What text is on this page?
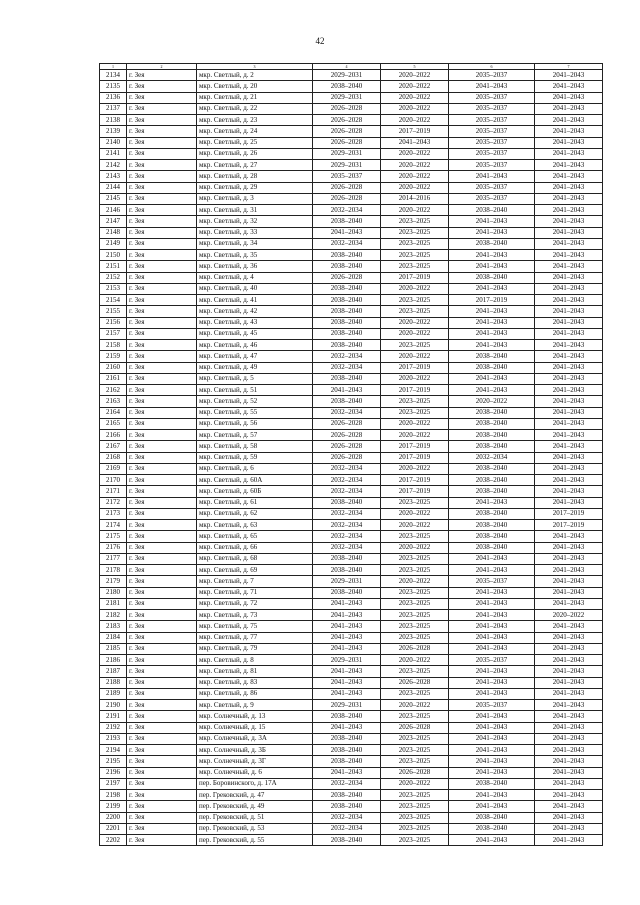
42
1	2	3	4	5	6	7
2134	г. Зея	мкр. Светлый, д. 2	2029–2031	2020–2022	2035–2037	2041–2043
2135	г. Зея	мкр. Светлый, д. 20	2038–2040	2020–2022	2041–2043	2041–2043
2136	г. Зея	мкр. Светлый, д. 21	2029–2031	2020–2022	2035–2037	2041–2043
2137	г. Зея	мкр. Светлый, д. 22	2026–2028	2020–2022	2035–2037	2041–2043
2138	г. Зея	мкр. Светлый, д. 23	2026–2028	2020–2022	2035–2037	2041–2043
2139	г. Зея	мкр. Светлый, д. 24	2026–2028	2017–2019	2035–2037	2041–2043
2140	г. Зея	мкр. Светлый, д. 25	2026–2028	2041–2043	2035–2037	2041–2043
2141	г. Зея	мкр. Светлый, д. 26	2029–2031	2020–2022	2035–2037	2041–2043
2142	г. Зея	мкр. Светлый, д. 27	2029–2031	2020–2022	2035–2037	2041–2043
2143	г. Зея	мкр. Светлый, д. 28	2035–2037	2020–2022	2041–2043	2041–2043
2144	г. Зея	мкр. Светлый, д. 29	2026–2028	2020–2022	2035–2037	2041–2043
2145	г. Зея	мкр. Светлый, д. 3	2026–2028	2014–2016	2035–2037	2041–2043
2146	г. Зея	мкр. Светлый, д. 31	2032–2034	2020–2022	2038–2040	2041–2043
2147	г. Зея	мкр. Светлый, д. 32	2038–2040	2023–2025	2041–2043	2041–2043
2148	г. Зея	мкр. Светлый, д. 33	2041–2043	2023–2025	2041–2043	2041–2043
2149	г. Зея	мкр. Светлый, д. 34	2032–2034	2023–2025	2038–2040	2041–2043
2150	г. Зея	мкр. Светлый, д. 35	2038–2040	2023–2025	2041–2043	2041–2043
2151	г. Зея	мкр. Светлый, д. 36	2038–2040	2023–2025	2041–2043	2041–2043
2152	г. Зея	мкр. Светлый, д. 4	2026–2028	2017–2019	2038–2040	2041–2043
2153	г. Зея	мкр. Светлый, д. 40	2038–2040	2020–2022	2041–2043	2041–2043
2154	г. Зея	мкр. Светлый, д. 41	2038–2040	2023–2025	2017–2019	2041–2043
2155	г. Зея	мкр. Светлый, д. 42	2038–2040	2023–2025	2041–2043	2041–2043
2156	г. Зея	мкр. Светлый, д. 43	2038–2040	2020–2022	2041–2043	2041–2043
2157	г. Зея	мкр. Светлый, д. 45	2038–2040	2020–2022	2041–2043	2041–2043
2158	г. Зея	мкр. Светлый, д. 46	2038–2040	2023–2025	2041–2043	2041–2043
2159	г. Зея	мкр. Светлый, д. 47	2032–2034	2020–2022	2038–2040	2041–2043
2160	г. Зея	мкр. Светлый, д. 49	2032–2034	2017–2019	2038–2040	2041–2043
2161	г. Зея	мкр. Светлый, д. 5	2038–2040	2020–2022	2041–2043	2041–2043
2162	г. Зея	мкр. Светлый, д. 51	2041–2043	2017–2019	2041–2043	2041–2043
2163	г. Зея	мкр. Светлый, д. 52	2038–2040	2023–2025	2020–2022	2041–2043
2164	г. Зея	мкр. Светлый, д. 55	2032–2034	2023–2025	2038–2040	2041–2043
2165	г. Зея	мкр. Светлый, д. 56	2026–2028	2020–2022	2038–2040	2041–2043
2166	г. Зея	мкр. Светлый, д. 57	2026–2028	2020–2022	2038–2040	2041–2043
2167	г. Зея	мкр. Светлый, д. 58	2026–2028	2017–2019	2038–2040	2041–2043
2168	г. Зея	мкр. Светлый, д. 59	2026–2028	2017–2019	2032–2034	2041–2043
2169	г. Зея	мкр. Светлый, д. 6	2032–2034	2020–2022	2038–2040	2041–2043
2170	г. Зея	мкр. Светлый, д. 60А	2032–2034	2017–2019	2038–2040	2041–2043
2171	г. Зея	мкр. Светлый, д. 60Б	2032–2034	2017–2019	2038–2040	2041–2043
2172	г. Зея	мкр. Светлый, д. 61	2038–2040	2023–2025	2041–2043	2041–2043
2173	г. Зея	мкр. Светлый, д. 62	2032–2034	2020–2022	2038–2040	2017–2019
2174	г. Зея	мкр. Светлый, д. 63	2032–2034	2020–2022	2038–2040	2017–2019
2175	г. Зея	мкр. Светлый, д. 65	2032–2034	2023–2025	2038–2040	2041–2043
2176	г. Зея	мкр. Светлый, д. 66	2032–2034	2020–2022	2038–2040	2041–2043
2177	г. Зея	мкр. Светлый, д. 68	2038–2040	2023–2025	2041–2043	2041–2043
2178	г. Зея	мкр. Светлый, д. 69	2038–2040	2023–2025	2041–2043	2041–2043
2179	г. Зея	мкр. Светлый, д. 7	2029–2031	2020–2022	2035–2037	2041–2043
2180	г. Зея	мкр. Светлый, д. 71	2038–2040	2023–2025	2041–2043	2041–2043
2181	г. Зея	мкр. Светлый, д. 72	2041–2043	2023–2025	2041–2043	2041–2043
2182	г. Зея	мкр. Светлый, д. 73	2041–2043	2023–2025	2041–2043	2020–2022
2183	г. Зея	мкр. Светлый, д. 75	2041–2043	2023–2025	2041–2043	2041–2043
2184	г. Зея	мкр. Светлый, д. 77	2041–2043	2023–2025	2041–2043	2041–2043
2185	г. Зея	мкр. Светлый, д. 79	2041–2043	2026–2028	2041–2043	2041–2043
2186	г. Зея	мкр. Светлый, д. 8	2029–2031	2020–2022	2035–2037	2041–2043
2187	г. Зея	мкр. Светлый, д. 81	2041–2043	2023–2025	2041–2043	2041–2043
2188	г. Зея	мкр. Светлый, д. 83	2041–2043	2026–2028	2041–2043	2041–2043
2189	г. Зея	мкр. Светлый, д. 86	2041–2043	2023–2025	2041–2043	2041–2043
2190	г. Зея	мкр. Светлый, д. 9	2029–2031	2020–2022	2035–2037	2041–2043
2191	г. Зея	мкр. Солнечный, д. 13	2038–2040	2023–2025	2041–2043	2041–2043
2192	г. Зея	мкр. Солнечный, д. 15	2041–2043	2026–2028	2041–2043	2041–2043
2193	г. Зея	мкр. Солнечный, д. 3А	2038–2040	2023–2025	2041–2043	2041–2043
2194	г. Зея	мкр. Солнечный, д. 3Б	2038–2040	2023–2025	2041–2043	2041–2043
2195	г. Зея	мкр. Солнечный, д. 3Г	2038–2040	2023–2025	2041–2043	2041–2043
2196	г. Зея	мкр. Солнечный, д. 6	2041–2043	2026–2028	2041–2043	2041–2043
2197	г. Зея	пер. Боровинского, д. 17А	2032–2034	2020–2022	2038–2040	2041–2043
2198	г. Зея	пер. Грековский, д. 47	2038–2040	2023–2025	2041–2043	2041–2043
2199	г. Зея	пер. Грековский, д. 49	2038–2040	2023–2025	2041–2043	2041–2043
2200	г. Зея	пер. Грековский, д. 51	2032–2034	2023–2025	2038–2040	2041–2043
2201	г. Зея	пер. Грековский, д. 53	2032–2034	2023–2025	2038–2040	2041–2043
2202	г. Зея	пер. Грековский, д. 55	2038–2040	2023–2025	2041–2043	2041–2043
